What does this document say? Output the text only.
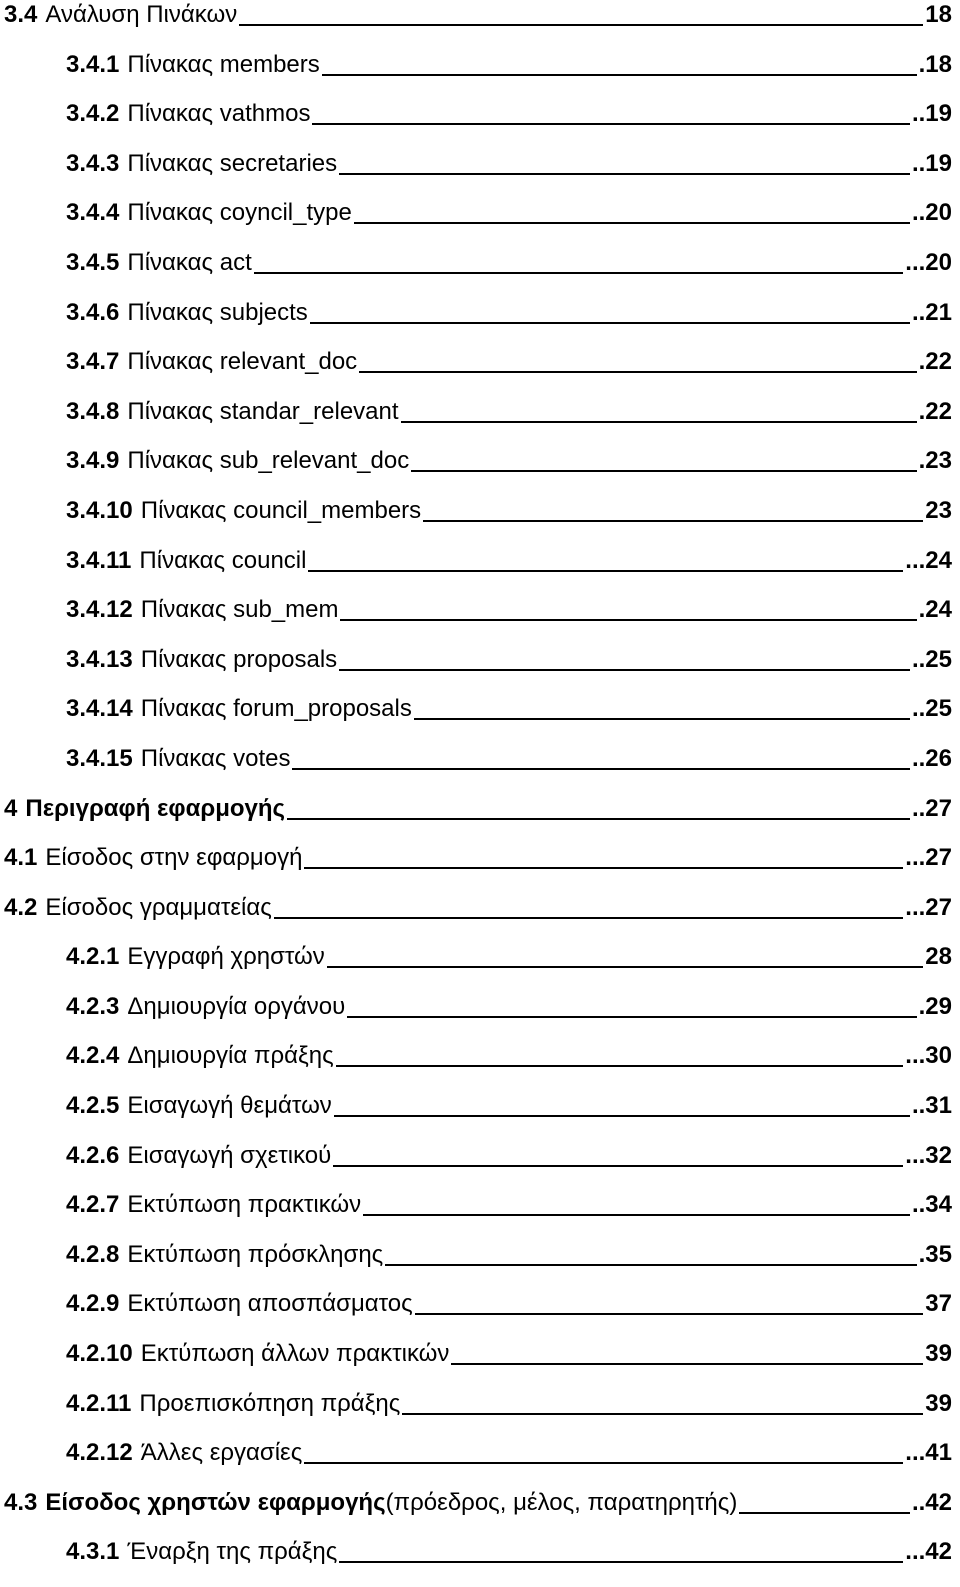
3.4 Ανάλυση Πινάκων	18
3.4.1 Πίνακας members	.18
3.4.2 Πίνακας vathmos	..19
3.4.3 Πίνακας secretaries	..19
3.4.4 Πίνακας coyncil_type	..20
3.4.5 Πίνακας act	...20
3.4.6 Πίνακας subjects	..21
3.4.7 Πίνακας relevant_doc	.22
3.4.8 Πίνακας standar_relevant	.22
3.4.9 Πίνακας sub_relevant_doc	.23
3.4.10 Πίνακας council_members	23
3.4.11 Πίνακας council	...24
3.4.12 Πίνακας sub_mem	.24
3.4.13 Πίνακας proposals	..25
3.4.14 Πίνακας forum_proposals	..25
3.4.15 Πίνακας votes	..26
4 Περιγραφή εφαρμογής	..27
4.1 Είσοδος στην εφαρμογή	...27
4.2 Είσοδος γραμματείας	...27
4.2.1 Εγγραφή χρηστών	28
4.2.3 Δημιουργία οργάνου	.29
4.2.4 Δημιουργία πράξης	...30
4.2.5 Εισαγωγή θεμάτων	..31
4.2.6 Εισαγωγή σχετικού	...32
4.2.7 Εκτύπωση πρακτικών	..34
4.2.8 Εκτύπωση πρόσκλησης	.35
4.2.9 Εκτύπωση αποσπάσματος	37
4.2.10 Εκτύπωση άλλων πρακτικών	39
4.2.11 Προεπισκόπηση πράξης	39
4.2.12 Άλλες εργασίες	...41
4.3 Είσοδος χρηστών εφαρμογής (πρόεδρος, μέλος, παρατηρητής)	..42
4.3.1 Έναρξη της πράξης	...42
